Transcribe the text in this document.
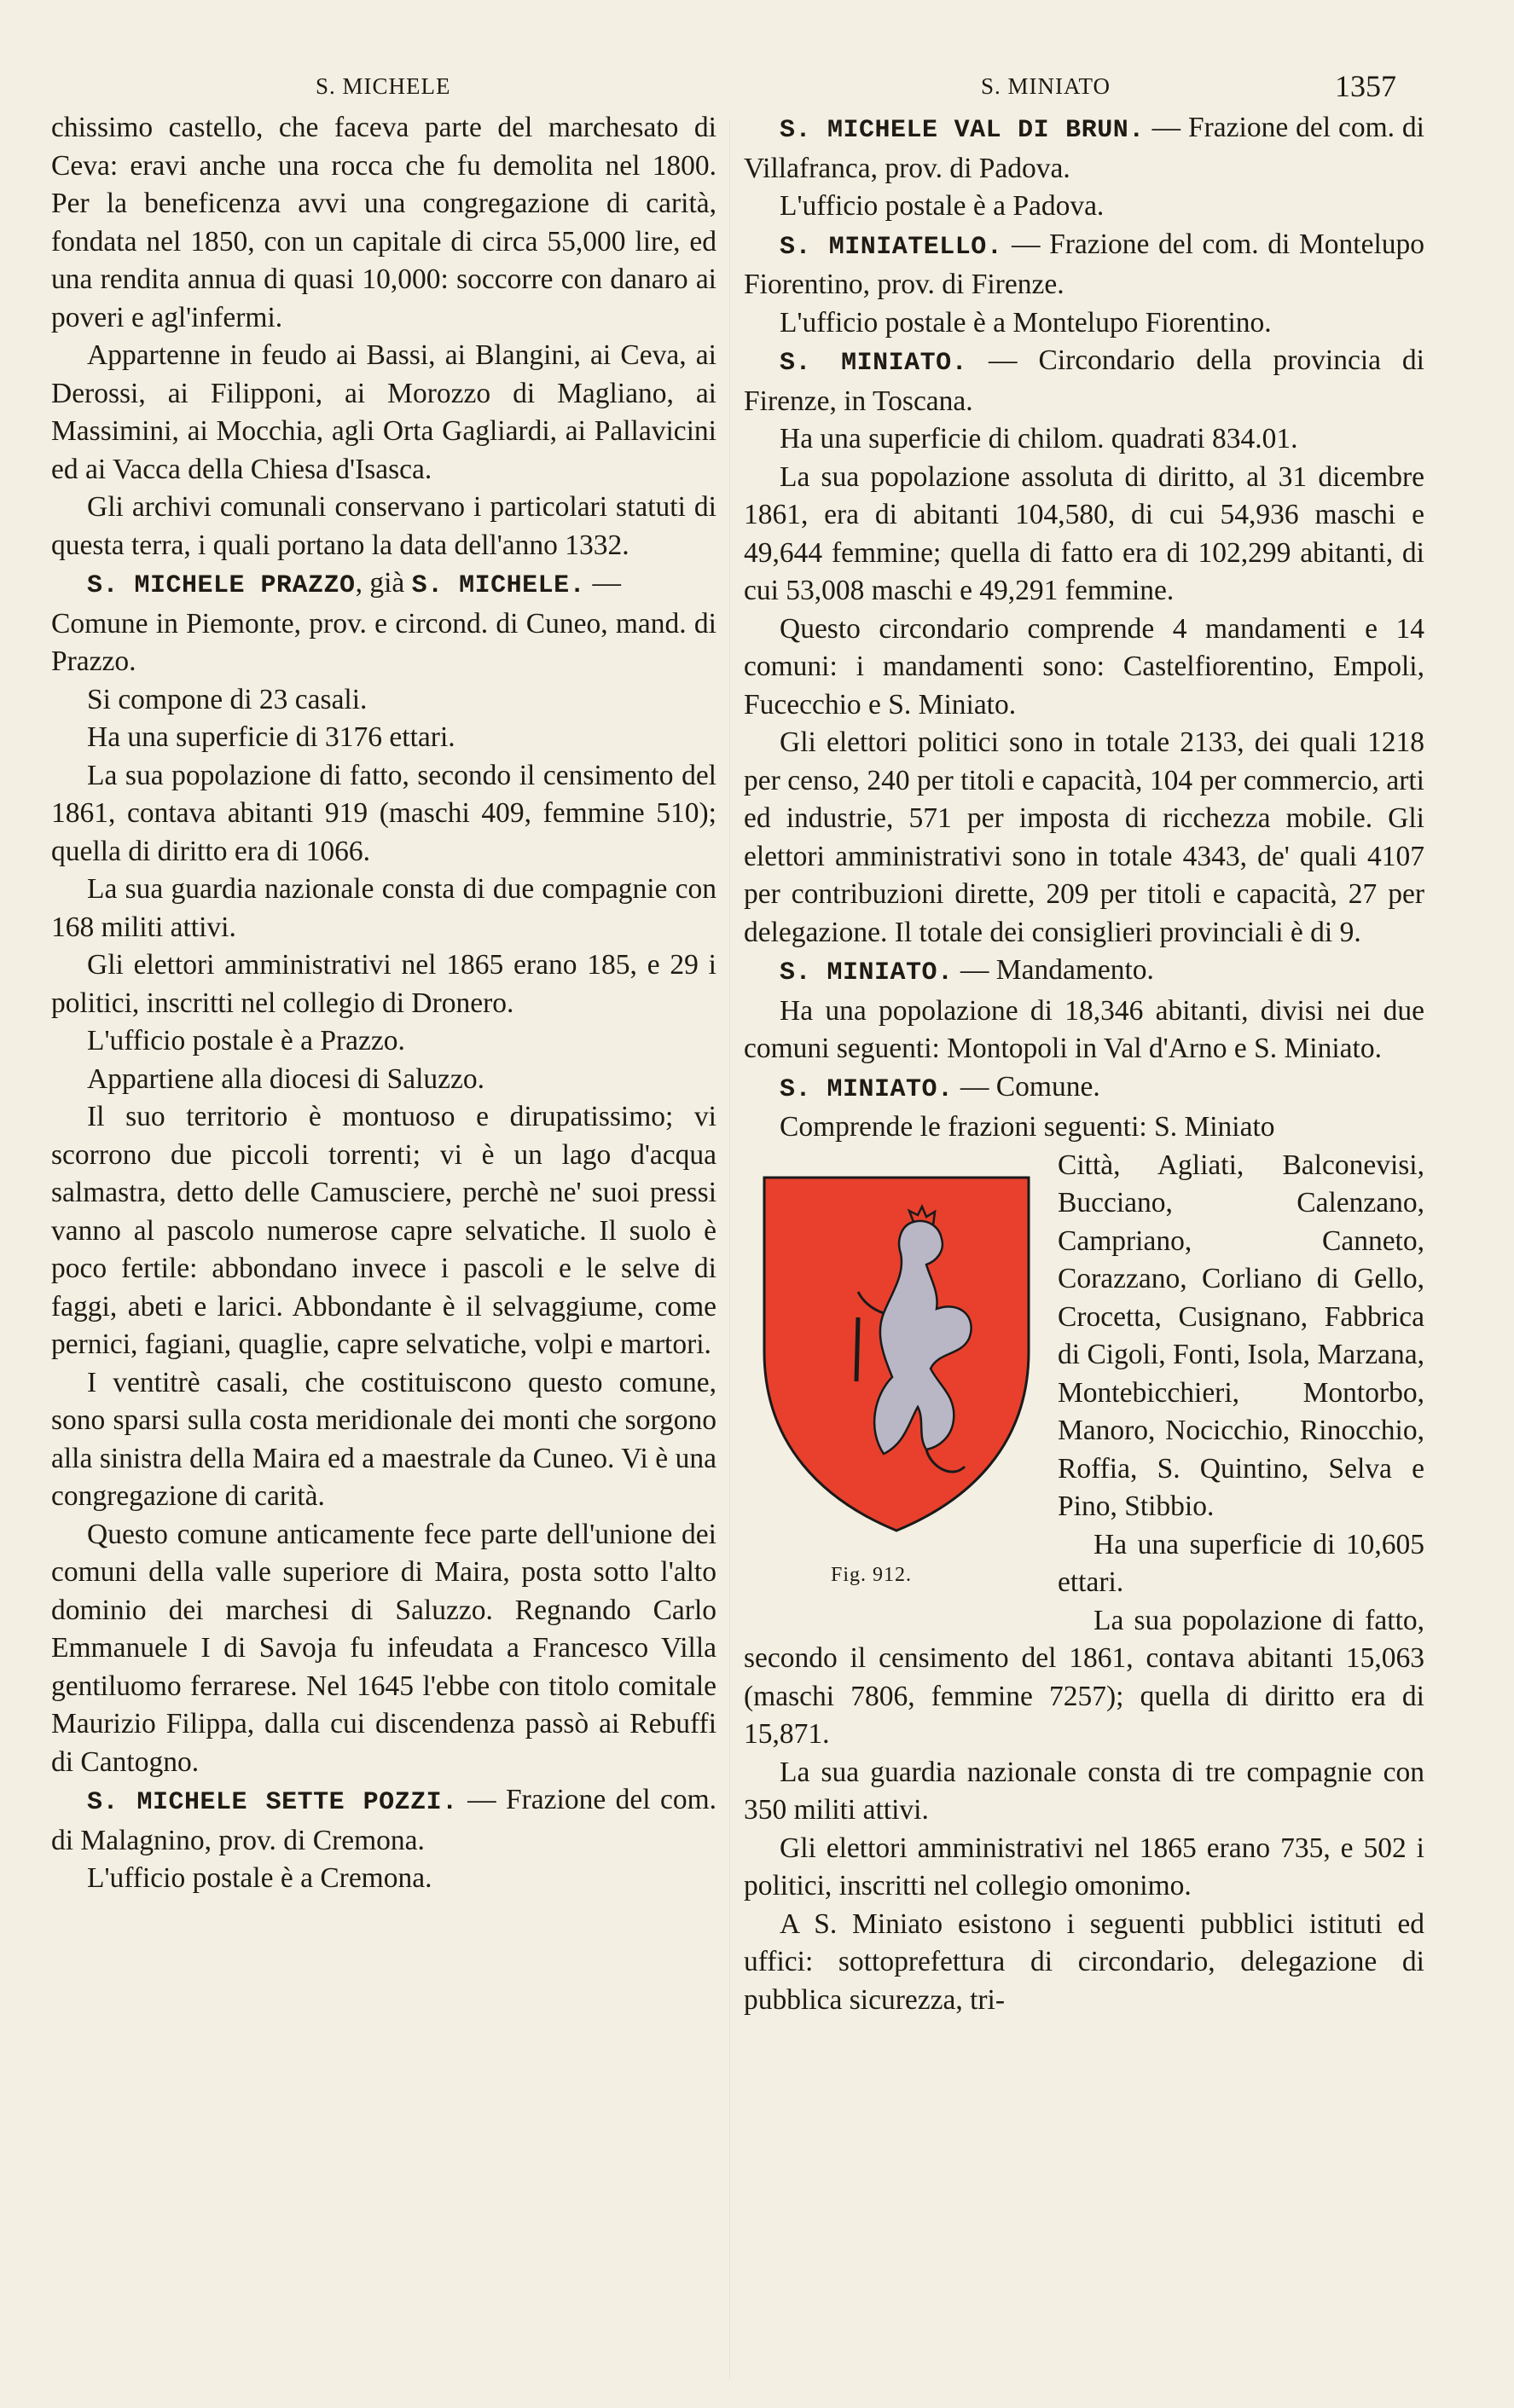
S. MICHELE	S. MINIATO	1357

chissimo castello, che faceva parte del marchesato di Ceva: eravi anche una rocca che fu demolita nel 1800. Per la beneficenza avvi una congregazione di carità, fondata nel 1850, con un capitale di circa 55,000 lire, ed una rendita annua di quasi 10,000: soccorre con danaro ai poveri e agl'infermi.

Appartenne in feudo ai Bassi, ai Blangini, ai Ceva, ai Derossi, ai Filipponi, ai Morozzo di Magliano, ai Massimini, ai Mocchia, agli Orta Gagliardi, ai Pallavicini ed ai Vacca della Chiesa d'Isasca.

Gli archivi comunali conservano i particolari statuti di questa terra, i quali portano la data dell'anno 1332.

S. MICHELE PRAZZO, già S. MICHELE. —

Comune in Piemonte, prov. e circond. di Cuneo, mand. di Prazzo.

Si compone di 23 casali.

Ha una superficie di 3176 ettari.

La sua popolazione di fatto, secondo il censimento del 1861, contava abitanti 919 (maschi 409, femmine 510); quella di diritto era di 1066.

La sua guardia nazionale consta di due compagnie con 168 militi attivi.

Gli elettori amministrativi nel 1865 erano 185, e 29 i politici, inscritti nel collegio di Dronero.

L'ufficio postale è a Prazzo.

Appartiene alla diocesi di Saluzzo.

Il suo territorio è montuoso e dirupatissimo; vi scorrono due piccoli torrenti; vi è un lago d'acqua salmastra, detto delle Camusciere, perchè ne' suoi pressi vanno al pascolo numerose capre selvatiche. Il suolo è poco fertile: abbondano invece i pascoli e le selve di faggi, abeti e larici. Abbondante è il selvaggiume, come pernici, fagiani, quaglie, capre selvatiche, volpi e martori.

I ventitrè casali, che costituiscono questo comune, sono sparsi sulla costa meridionale dei monti che sorgono alla sinistra della Maira ed a maestrale da Cuneo. Vi è una congregazione di carità.

Questo comune anticamente fece parte dell'unione dei comuni della valle superiore di Maira, posta sotto l'alto dominio dei marchesi di Saluzzo. Regnando Carlo Emmanuele I di Savoja fu infeudata a Francesco Villa gentiluomo ferrarese. Nel 1645 l'ebbe con titolo comitale Maurizio Filippa, dalla cui discendenza passò ai Rebuffi di Cantogno.

S. MICHELE SETTE POZZI. — Frazione del com. di Malagnino, prov. di Cremona.

L'ufficio postale è a Cremona.

S. MICHELE VAL DI BRUN. — Frazione del com. di Villafranca, prov. di Padova.

L'ufficio postale è a Padova.

S. MINIATELLO. — Frazione del com. di Montelupo Fiorentino, prov. di Firenze.

L'ufficio postale è a Montelupo Fiorentino.

S. MINIATO. — Circondario della provincia di Firenze, in Toscana.

Ha una superficie di chilom. quadrati 834.01.

La sua popolazione assoluta di diritto, al 31 dicembre 1861, era di abitanti 104,580, di cui 54,936 maschi e 49,644 femmine; quella di fatto era di 102,299 abitanti, di cui 53,008 maschi e 49,291 femmine.

Questo circondario comprende 4 mandamenti e 14 comuni: i mandamenti sono: Castelfiorentino, Empoli, Fucecchio e S. Miniato.

Gli elettori politici sono in totale 2133, dei quali 1218 per censo, 240 per titoli e capacità, 104 per commercio, arti ed industrie, 571 per imposta di ricchezza mobile. Gli elettori amministrativi sono in totale 4343, de' quali 4107 per contribuzioni dirette, 209 per titoli e capacità, 27 per delegazione. Il totale dei consiglieri provinciali è di 9.

S. MINIATO. — Mandamento.

Ha una popolazione di 18,346 abitanti, divisi nei due comuni seguenti: Montopoli in Val d'Arno e S. Miniato.

S. MINIATO. — Comune.

Comprende le frazioni seguenti: S. Miniato

Fig. 912.

Città, Agliati, Balconevisi, Bucciano, Calenzano, Campriano, Canneto, Corazzano, Corliano di Gello, Crocetta, Cusignano, Fabbrica di Cigoli, Fonti, Isola, Marzana, Montebicchieri, Montorbo, Manoro, Nocicchio, Rinocchio, Roffia, S. Quintino, Selva e Pino, Stibbio.

Ha una superficie di 10,605 ettari.

La sua popolazione di fatto, secondo il censimento del 1861, contava abitanti 15,063 (maschi 7806, femmine 7257); quella di diritto era di 15,871.

La sua guardia nazionale consta di tre compagnie con 350 militi attivi.

Gli elettori amministrativi nel 1865 erano 735, e 502 i politici, inscritti nel collegio omonimo.

A S. Miniato esistono i seguenti pubblici istituti ed uffici: sottoprefettura di circondario, delegazione di pubblica sicurezza, tri-
